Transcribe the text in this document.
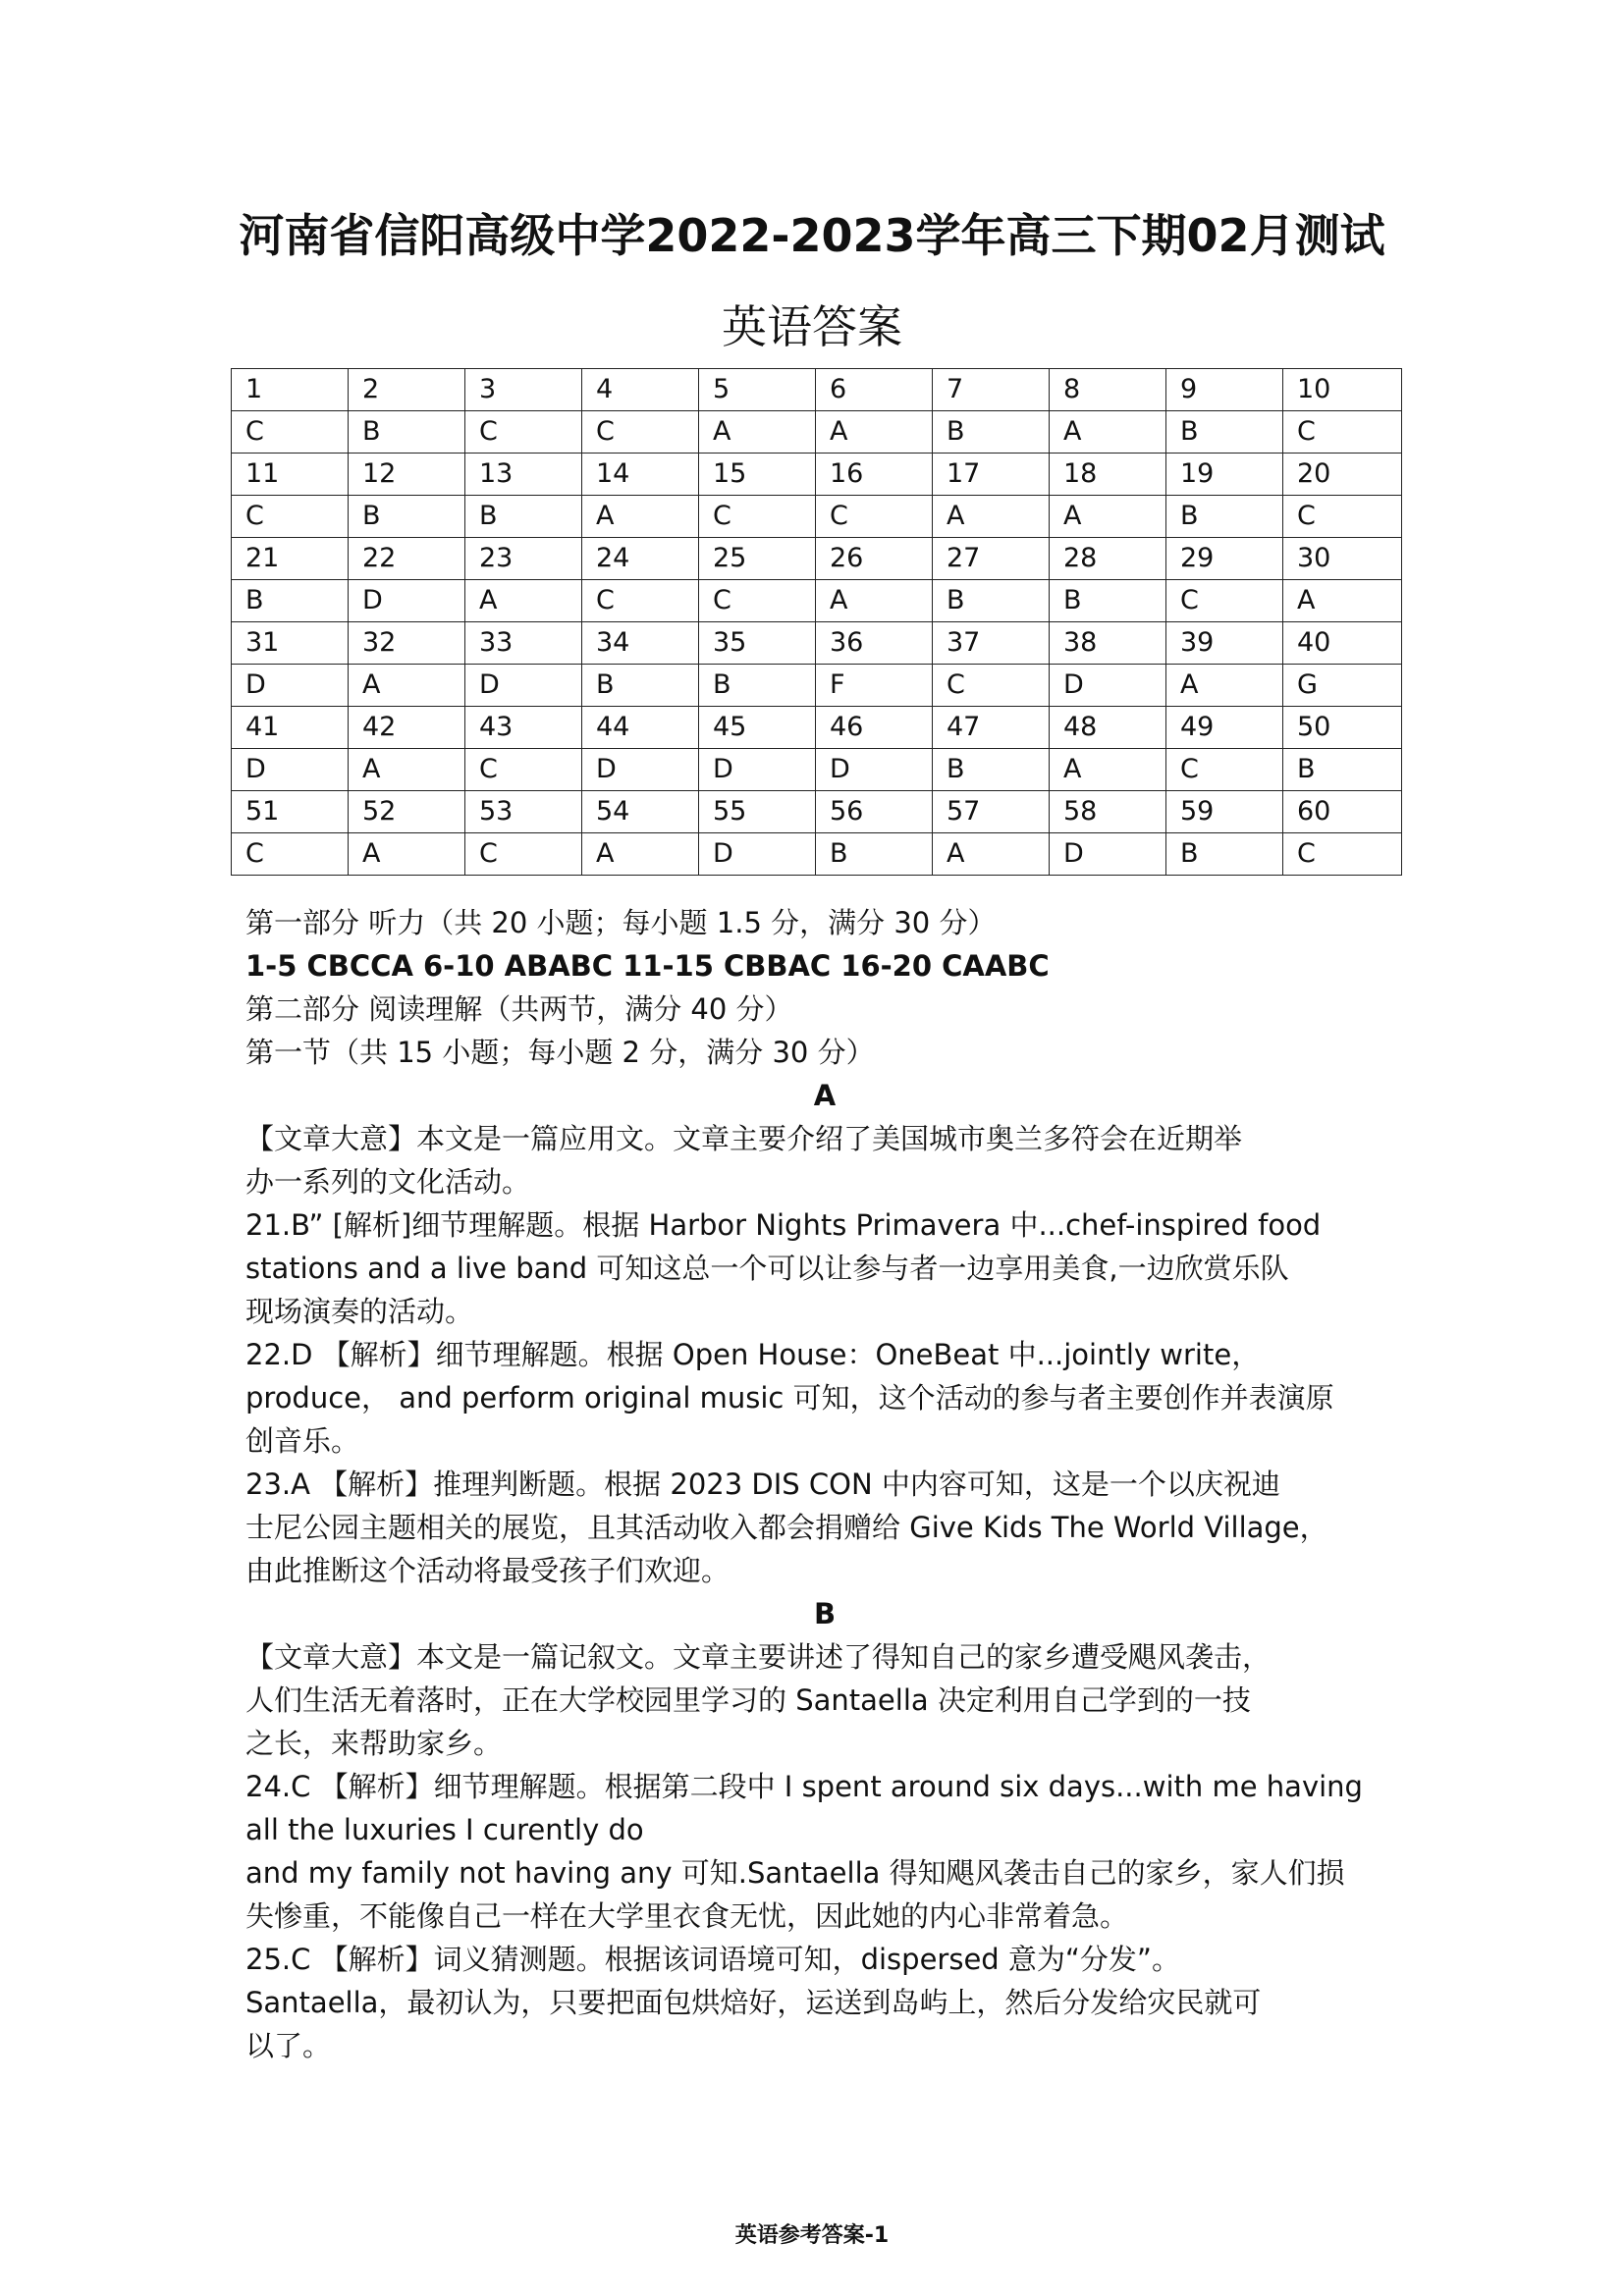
河南省信阳高级中学2022-2023学年高三下期02月测试
英语答案
1	2	3	4	5	6	7	8	9	10
C	B	C	C	A	A	B	A	B	C
11	12	13	14	15	16	17	18	19	20
C	B	B	A	C	C	A	A	B	C
21	22	23	24	25	26	27	28	29	30
B	D	A	C	C	A	B	B	C	A
31	32	33	34	35	36	37	38	39	40
D	A	D	B	B	F	C	D	A	G
41	42	43	44	45	46	47	48	49	50
D	A	C	D	D	D	B	A	C	B
51	52	53	54	55	56	57	58	59	60
C	A	C	A	D	B	A	D	B	C
第一部分 听力（共 20 小题；每小题 1.5 分，满分 30 分）
1-5 CBCCA 6-10 ABABC 11-15 CBBAC 16-20 CAABC
第二部分 阅读理解（共两节，满分 40 分）
第一节（共 15 小题；每小题 2 分，满分 30 分）
A
【文章大意】本文是一篇应用文。文章主要介绍了美国城市奥兰多符会在近期举
办一系列的文化活动。
21.B” [解析]细节理解题。根据 Harbor Nights Primavera 中...chef-inspired food
stations and a live band 可知这总一个可以让参与者一边享用美食,一边欣赏乐队
现场演奏的活动。
22.D 【解析】细节理解题。根据 Open House：OneBeat 中...jointly write，
produce， and perform original music 可知，这个活动的参与者主要创作并表演原
创音乐。
23.A 【解析】推理判断题。根据 2023 DIS CON 中内容可知，这是一个以庆祝迪
士尼公园主题相关的展览，且其活动收入都会捐赠给 Give Kids The World Village，
由此推断这个活动将最受孩子们欢迎。
B
【文章大意】本文是一篇记叙文。文章主要讲述了得知自己的家乡遭受飓风袭击，
人们生活无着落时，正在大学校园里学习的 Santaella 决定利用自己学到的一技
之长，来帮助家乡。
24.C 【解析】细节理解题。根据第二段中 I spent around six days...with me having
all the luxuries I curently do
and my family not having any 可知.Santaella 得知飓风袭击自己的家乡，家人们损
失惨重，不能像自己一样在大学里衣食无忧，因此她的内心非常着急。
25.C 【解析】词义猜测题。根据该词语境可知，dispersed 意为“分发”。
Santaella，最初认为，只要把面包烘焙好，运送到岛屿上，然后分发给灾民就可
以了。
英语参考答案-1
